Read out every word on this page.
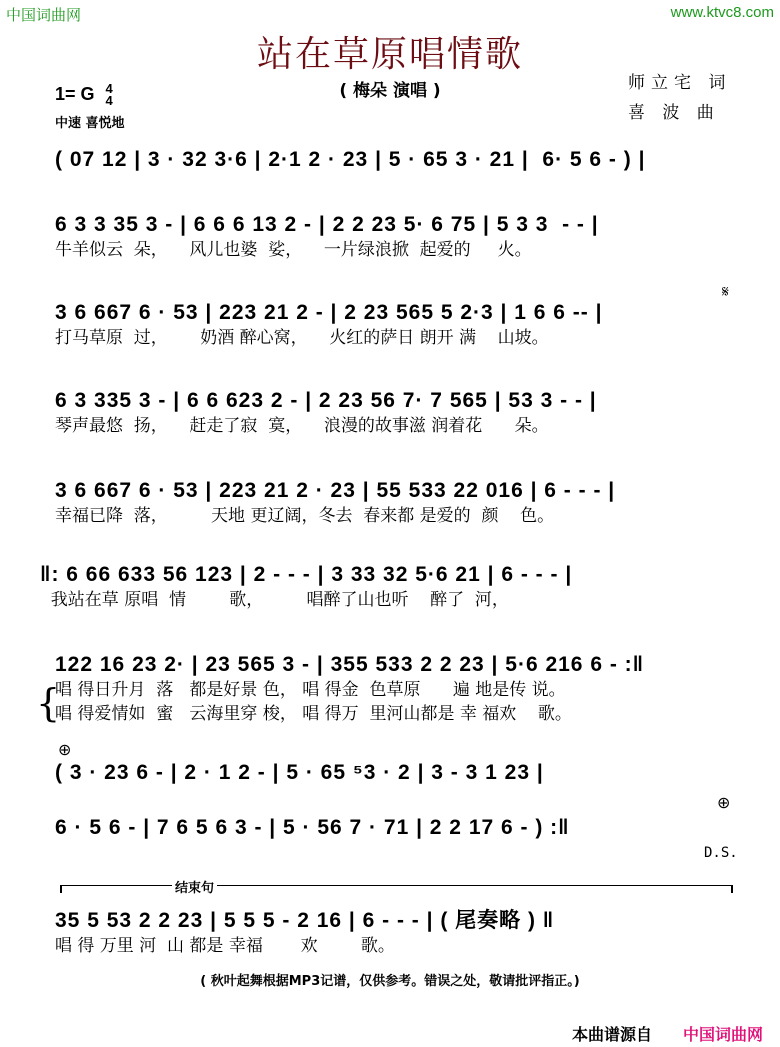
中国词曲网	www.ktvc8.com
站在草原唱情歌
( 梅朵 演唱 )	师立宅 词
喜 波 曲
1= G 4
4
中速 喜悦地
( 07 12 | 3 · 32 3·6 | 2·1 2 · 23 | 5 · 65 3 · 21 |  6· 5 6 - ) |
6 3 3 35 3 - | 6 6 6 13 2 - | 2 2 23 5· 6 75 | 5 3 3  - - |
牛羊似云  朵，    风儿也婆  娑，    一片绿浪掀  起爱的     火。
3 6 667 6 · 53 | 223 21 2 - | 2 23 565 5 2·3 | 1 6 6 -- |
打马草原  过，      奶酒 醉心窝，    火红的萨日 朗开 满    山坡。
𝄋
6 3 335 3 - | 6 6 623 2 - | 2 23 56 7· 7 565 | 53 3 - - |
琴声最悠  扬，    赶走了寂  寞，    浪漫的故事滋 润着花      朵。
3 6 667 6 · 53 | 223 21 2 · 23 | 55 533 22 016 | 6 - - - |
幸福已降  落，        天地 更辽阔，冬去  春来都 是爱的  颜    色。
‖: 6 66 633 56 123 | 2 - - - | 3 33 32 5·6 21 | 6 - - - |
我站在草 原唱  情        歌，        唱醉了山也听    醉了  河，
122 16 23 2· | 23 565 3 - | 355 533 2 2 23 | 5·6 216 6 - :‖
唱 得日升月  落   都是好景 色， 唱 得金  色草原      遍 地是传 说。
唱 得爱情如  蜜   云海里穿 梭， 唱 得万  里河山都是 幸 福欢    歌。
{
⊕
( 3 · 23 6 - | 2 · 1 2 - | 5 · 65 ⁵3 · 2 | 3 - 3 1 23 |
6 · 5 6 - | 7 6 5 6 3 - | 5 · 56 7 · 71 | 2 2 17 6 - ) :‖
⊕
D.S.
结束句
35 5 53 2 2 23 | 5 5 5 - 2 16 | 6 - - - | ( 尾奏略 ) ‖
唱 得 万里 河  山 都是 幸福       欢        歌。
( 秋叶起舞根据MP3记谱，仅供参考。错误之处，敬请批评指正。)
本曲谱源自 中国词曲网
